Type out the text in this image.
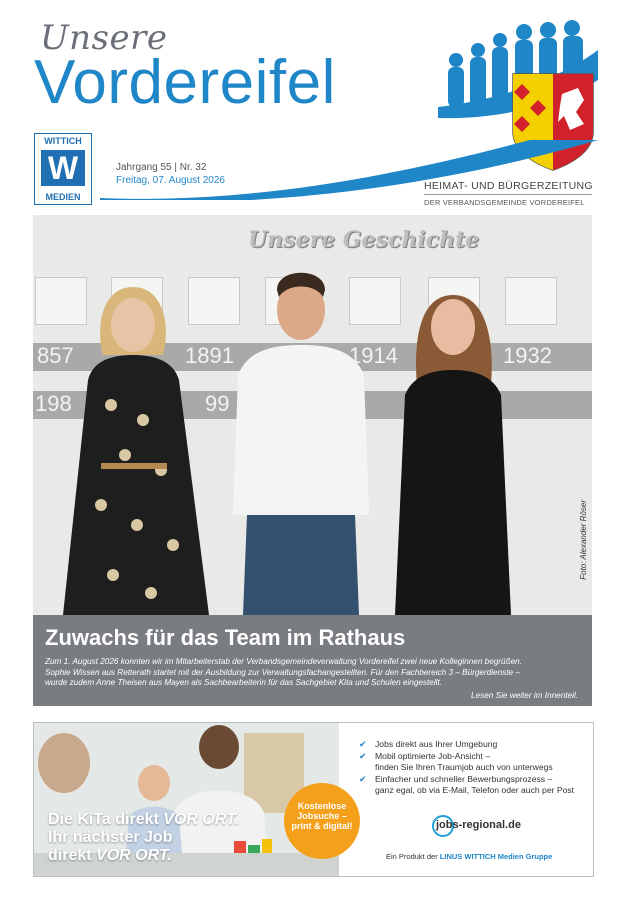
Unsere
Vordereifel
WITTICH
W
MEDIEN
Jahrgang 55 | Nr. 32
Freitag, 07. August 2026	HEIMAT- UND BÜRGERZEITUNG
DER VERBANDSGEMEINDE VORDEREIFEL
Unsere Geschichte
857	1891	1914	1932
198	99
Foto: Alexander Röser
Zuwachs für das Team im Rathaus
Zum 1. August 2026 konnten wir im Mitarbeiterstab der Verbandsgemeindeverwaltung Vordereifel zwei neue Kolleginnen begrüßen.
Sophie Wissen aus Retterath startet mit der Ausbildung zur Verwaltungsfachangestellten. Für den Fachbereich 3 – Bürgerdienste –
wurde zudem Anne Theisen aus Mayen als Sachbearbeiterin für das Sachgebiet Kita und Schulen eingestellt.
Lesen Sie weiter im Innenteil.
Die KiTa direkt VOR ORT.
Ihr nächster Job
direkt VOR ORT.
Kostenlose
Jobsuche –
print & digital!
✔ Jobs direkt aus Ihrer Umgebung
✔ Mobil optimierte Job-Ansicht –
finden Sie Ihren Traumjob auch von unterwegs
✔ Einfacher und schneller Bewerbungsprozess –
ganz egal, ob via E-Mail, Telefon oder auch per Post
jobs-regional.de
Ein Produkt der LINUS WITTICH Medien Gruppe
